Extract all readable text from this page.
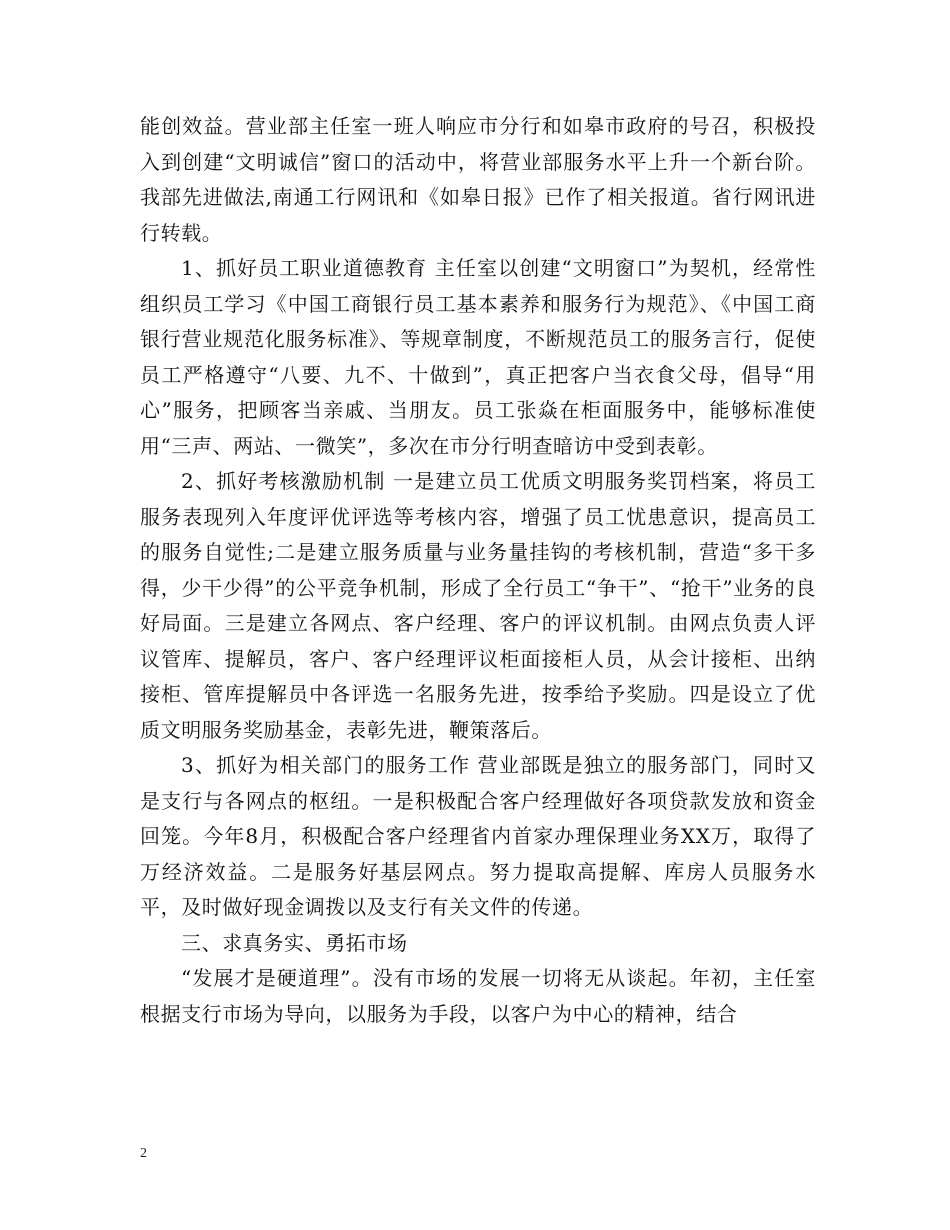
能创效益。营业部主任室一班人响应市分行和如皋市政府的号召，积极投入到创建“文明诚信”窗口的活动中，将营业部服务水平上升一个新台阶。我部先进做法,南通工行网讯和《如皋日报》已作了相关报道。省行网讯进行转载。

1、抓好员工职业道德教育 主任室以创建“文明窗口”为契机，经常性组织员工学习《中国工商银行员工基本素养和服务行为规范》、《中国工商银行营业规范化服务标准》、等规章制度，不断规范员工的服务言行，促使员工严格遵守“八要、九不、十做到”，真正把客户当衣食父母，倡导“用心”服务，把顾客当亲戚、当朋友。员工张焱在柜面服务中，能够标准使用“三声、两站、一微笑”，多次在市分行明查暗访中受到表彰。

2、抓好考核激励机制 一是建立员工优质文明服务奖罚档案，将员工服务表现列入年度评优评选等考核内容，增强了员工忧患意识，提高员工的服务自觉性;二是建立服务质量与业务量挂钩的考核机制，营造“多干多得，少干少得”的公平竞争机制，形成了全行员工“争干”、“抢干”业务的良好局面。三是建立各网点、客户经理、客户的评议机制。由网点负责人评议管库、提解员，客户、客户经理评议柜面接柜人员，从会计接柜、出纳接柜、管库提解员中各评选一名服务先进，按季给予奖励。四是设立了优质文明服务奖励基金，表彰先进，鞭策落后。

3、抓好为相关部门的服务工作 营业部既是独立的服务部门，同时又是支行与各网点的枢纽。一是积极配合客户经理做好各项贷款发放和资金回笼。今年8月，积极配合客户经理省内首家办理保理业务XX万，取得了 万经济效益。二是服务好基层网点。努力提取高提解、库房人员服务水平，及时做好现金调拨以及支行有关文件的传递。

三、求真务实、勇拓市场

“发展才是硬道理”。没有市场的发展一切将无从谈起。年初，主任室根据支行市场为导向，以服务为手段，以客户为中心的精神，结合

2
